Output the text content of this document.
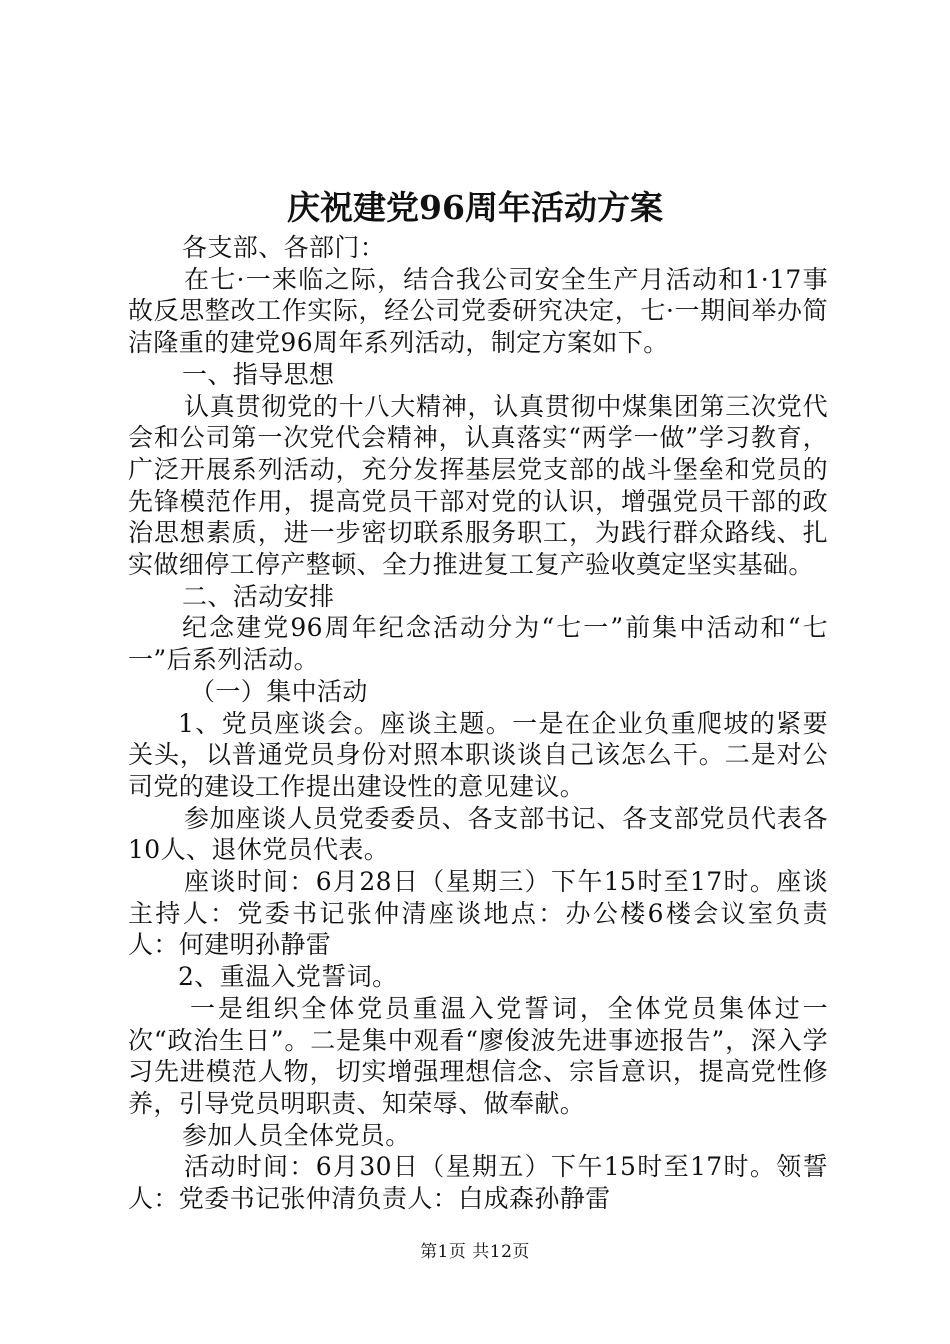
庆祝建党96周年活动方案

各支部、各部门：

在七·一来临之际，结合我公司安全生产月活动和1·17事故反思整改工作实际，经公司党委研究决定，七·一期间举办简洁隆重的建党96周年系列活动，制定方案如下。

一、指导思想

认真贯彻党的十八大精神，认真贯彻中煤集团第三次党代会和公司第一次党代会精神，认真落实“两学一做”学习教育，广泛开展系列活动，充分发挥基层党支部的战斗堡垒和党员的先锋模范作用，提高党员干部对党的认识，增强党员干部的政治思想素质，进一步密切联系服务职工，为践行群众路线、扎实做细停工停产整顿、全力推进复工复产验收奠定坚实基础。

二、活动安排

纪念建党96周年纪念活动分为“七一”前集中活动和“七一”后系列活动。

（一）集中活动

1、党员座谈会。座谈主题。一是在企业负重爬坡的紧要关头，以普通党员身份对照本职谈谈自己该怎么干。二是对公司党的建设工作提出建设性的意见建议。

参加座谈人员党委委员、各支部书记、各支部党员代表各10人、退休党员代表。

座谈时间：6月28日（星期三）下午15时至17时。座谈主持人：党委书记张仲清座谈地点：办公楼6楼会议室负责人：何建明孙静雷

2、重温入党誓词。

一是组织全体党员重温入党誓词，全体党员集体过一次“政治生日”。二是集中观看“廖俊波先进事迹报告”，深入学习先进模范人物，切实增强理想信念、宗旨意识，提高党性修养，引导党员明职责、知荣辱、做奉献。

参加人员全体党员。

活动时间：6月30日（星期五）下午15时至17时。领誓人：党委书记张仲清负责人：白成森孙静雷

第1页 共12页
